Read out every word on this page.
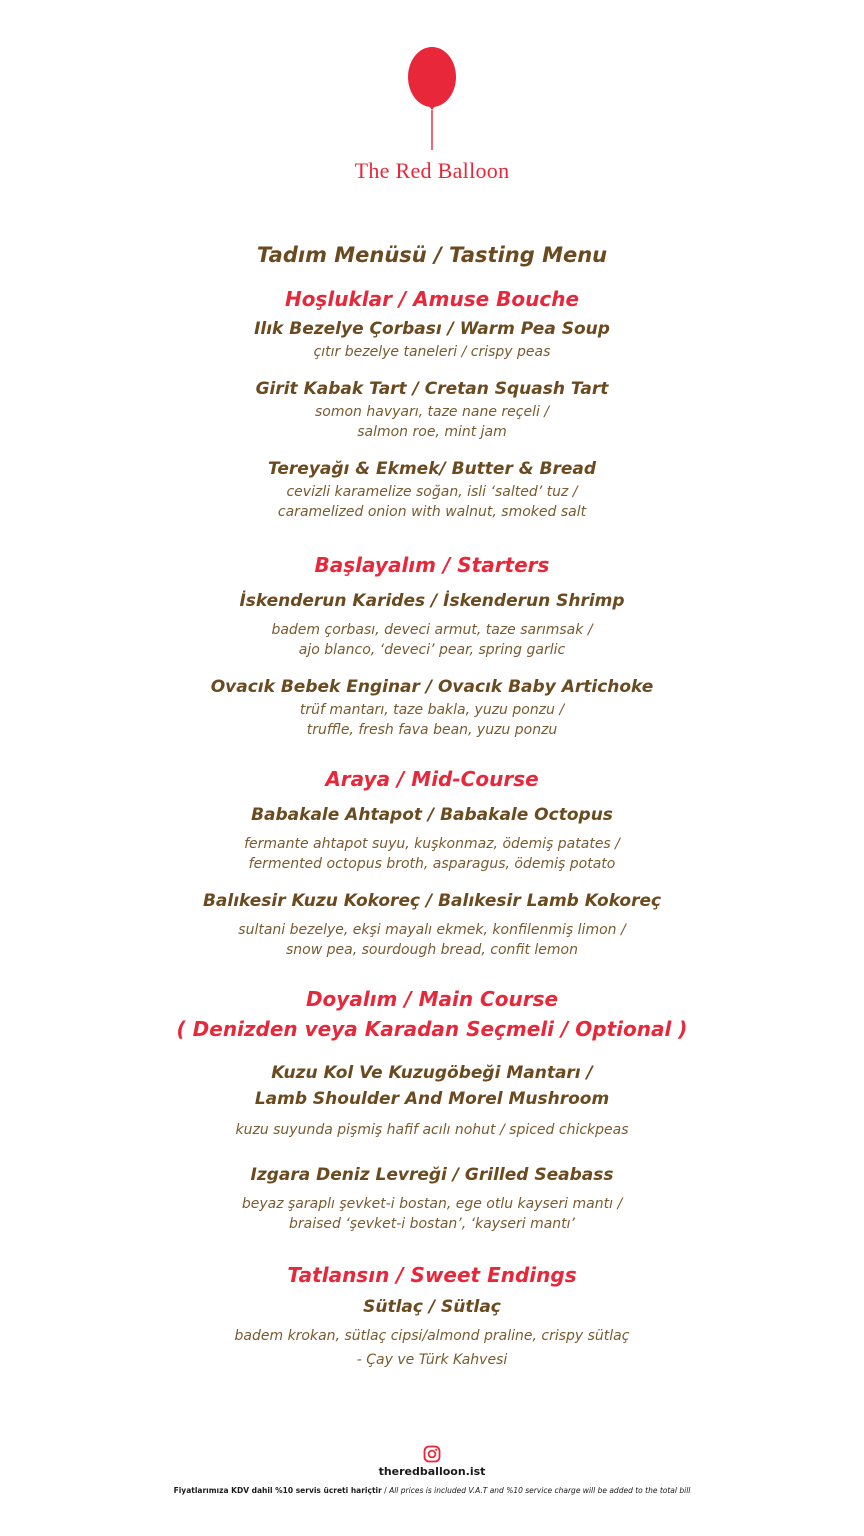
The Red Balloon
Tadım Menüsü / Tasting Menu
Hoşluklar / Amuse Bouche

Ilık Bezelye Çorbası / Warm Pea Soup

çıtır bezelye taneleri / crispy peas

Girit Kabak Tart / Cretan Squash Tart

somon havyarı, taze nane reçeli /

salmon roe, mint jam

Tereyağı & Ekmek/ Butter & Bread

cevizli karamelize soğan, isli ‘salted’ tuz /

caramelized onion with walnut, smoked salt

Başlayalım / Starters

İskenderun Karides / İskenderun Shrimp

badem çorbası, deveci armut, taze sarımsak /

ajo blanco, ‘deveci’ pear, spring garlic

Ovacık Bebek Enginar / Ovacık Baby Artichoke

trüf mantarı, taze bakla, yuzu ponzu /

truffle, fresh fava bean, yuzu ponzu

Araya / Mid-Course

Babakale Ahtapot / Babakale Octopus

fermante ahtapot suyu, kuşkonmaz, ödemiş patates /

fermented octopus broth, asparagus, ödemiş potato

Balıkesir Kuzu Kokoreç / Balıkesir Lamb Kokoreç

sultani bezelye, ekşi mayalı ekmek, konfilenmiş limon /

snow pea, sourdough bread, confit lemon

Doyalım / Main Course
( Denizden veya Karadan Seçmeli / Optional )

Kuzu Kol Ve Kuzugöbeği Mantarı /

Lamb Shoulder And Morel Mushroom

kuzu suyunda pişmiş hafif acılı nohut / spiced chickpeas

Izgara Deniz Levreği / Grilled Seabass

beyaz şaraplı şevket-i bostan, ege otlu kayseri mantı /

braised ‘şevket-i bostan’, ‘kayseri mantı’

Tatlansın / Sweet Endings

Sütlaç / Sütlaç

badem krokan, sütlaç cipsi/almond praline, crispy sütlaç

- Çay ve Türk Kahvesi

theredballoon.ist
Fiyatlarımıza KDV dahil %10 servis ücreti hariçtir / All prices is included V.A.T and %10 service charge will be added to the total bill
